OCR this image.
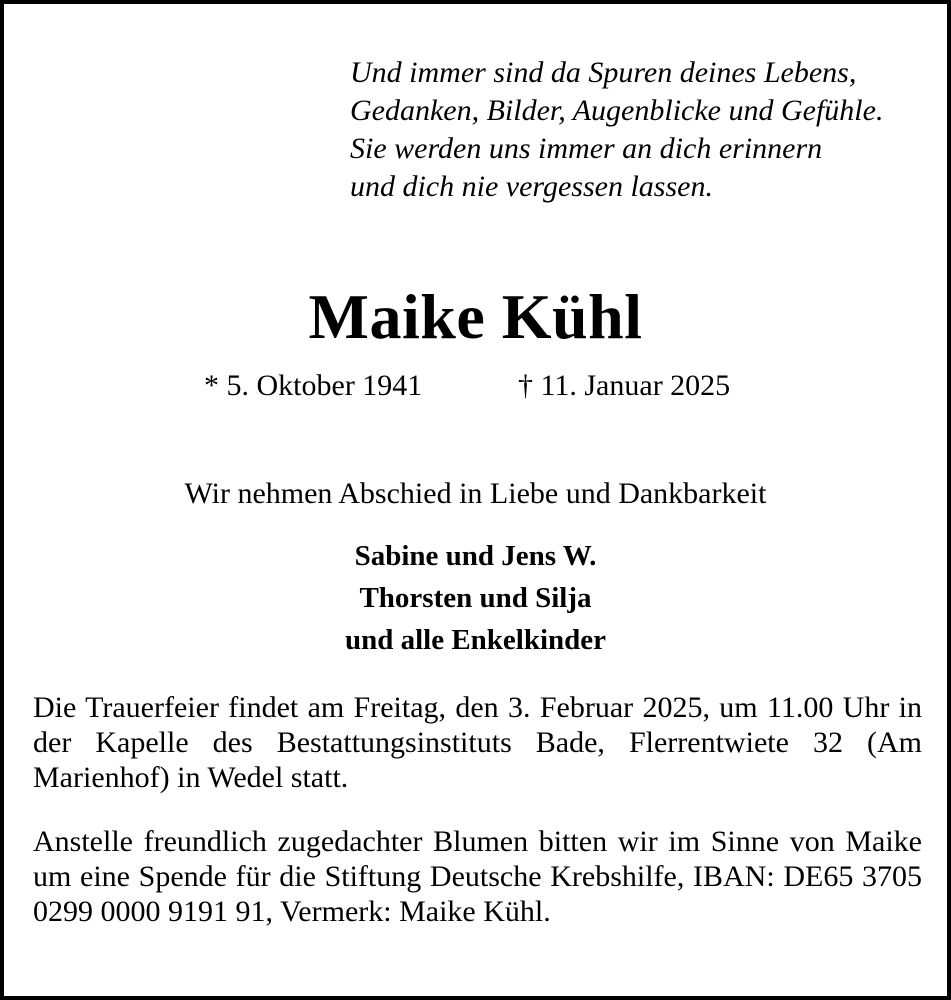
Und immer sind da Spuren deines Lebens,
Gedanken, Bilder, Augenblicke und Gefühle.
Sie werden uns immer an dich erinnern
und dich nie vergessen lassen.
Maike Kühl
* 5. Oktober 1941	† 11. Januar 2025
Wir nehmen Abschied in Liebe und Dankbarkeit
Sabine und Jens W.
Thorsten und Silja
und alle Enkelkinder
Die Trauerfeier findet am Freitag, den 3. Februar 2025, um 11.00 Uhr in der Kapelle des Bestattungsinstituts Bade, Flerrentwiete 32 (Am Marienhof) in Wedel statt.
Anstelle freundlich zugedachter Blumen bitten wir im Sinne von Maike um eine Spende für die Stiftung Deutsche Krebshilfe, IBAN: DE65 3705 0299 0000 9191 91, Vermerk: Maike Kühl.
